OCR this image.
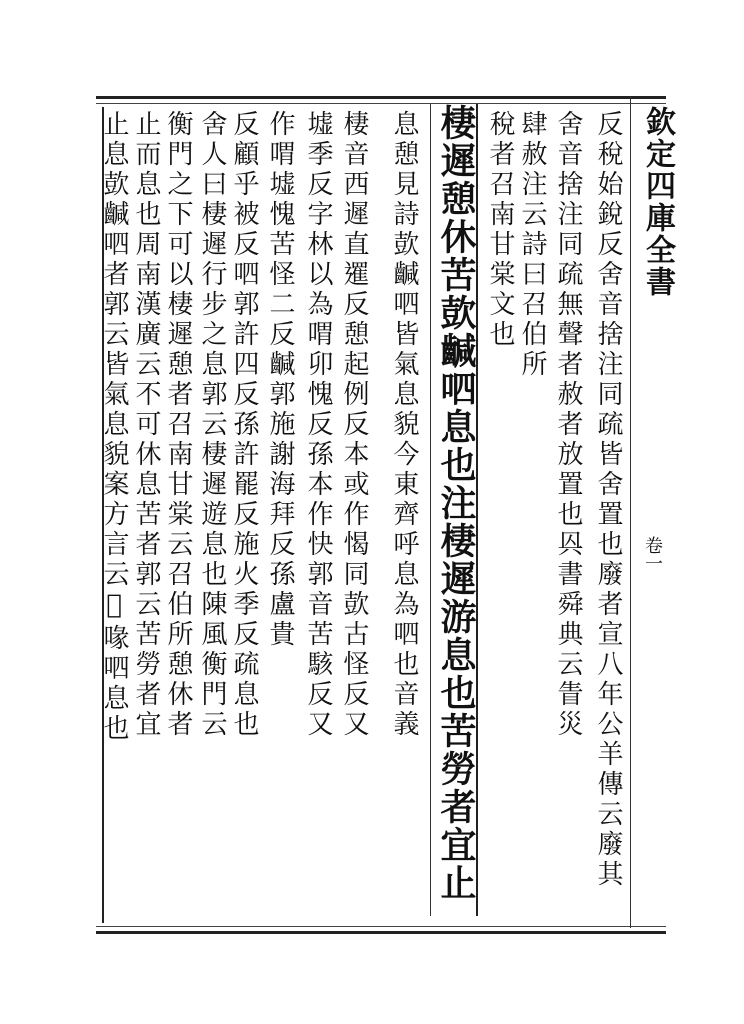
欽定四庫全書
卷一
反稅始銳反舍音捨注同疏皆舍置也廢者宣八年公羊傳云廢其
舍音捨注同疏無聲者赦者放置也㒷書舜典云眚災
肆赦注云詩曰召伯所
稅者召南甘棠文也
棲遲憩休苦㰻䶢呬息也注棲遲游息也苦勞者宜止
息憩見詩㰻䶢呬皆氣息貌今東齊呼息為呬也音義
棲音西遲直𨗴反憩起例反本或作愒同㰻古怪反又
墟季反字林以為喟卯愧反孫本作快郭音苦駭反又
作喟墟愧苦怪二反䶢郭施謝海拜反孫盧貴
反顧乎被反呬郭許四反孫許罷反施火季反疏息也
舍人曰棲遲行步之息郭云棲遲遊息也陳風衡門云
衡門之下可以棲遲憩者召南甘棠云召伯所憩休者
止而息也周南漢廣云不可休息苦者郭云苦勞者宜
止息㰻䶢呬者郭云皆氣息貌案方言云𢠒喙呬息也
